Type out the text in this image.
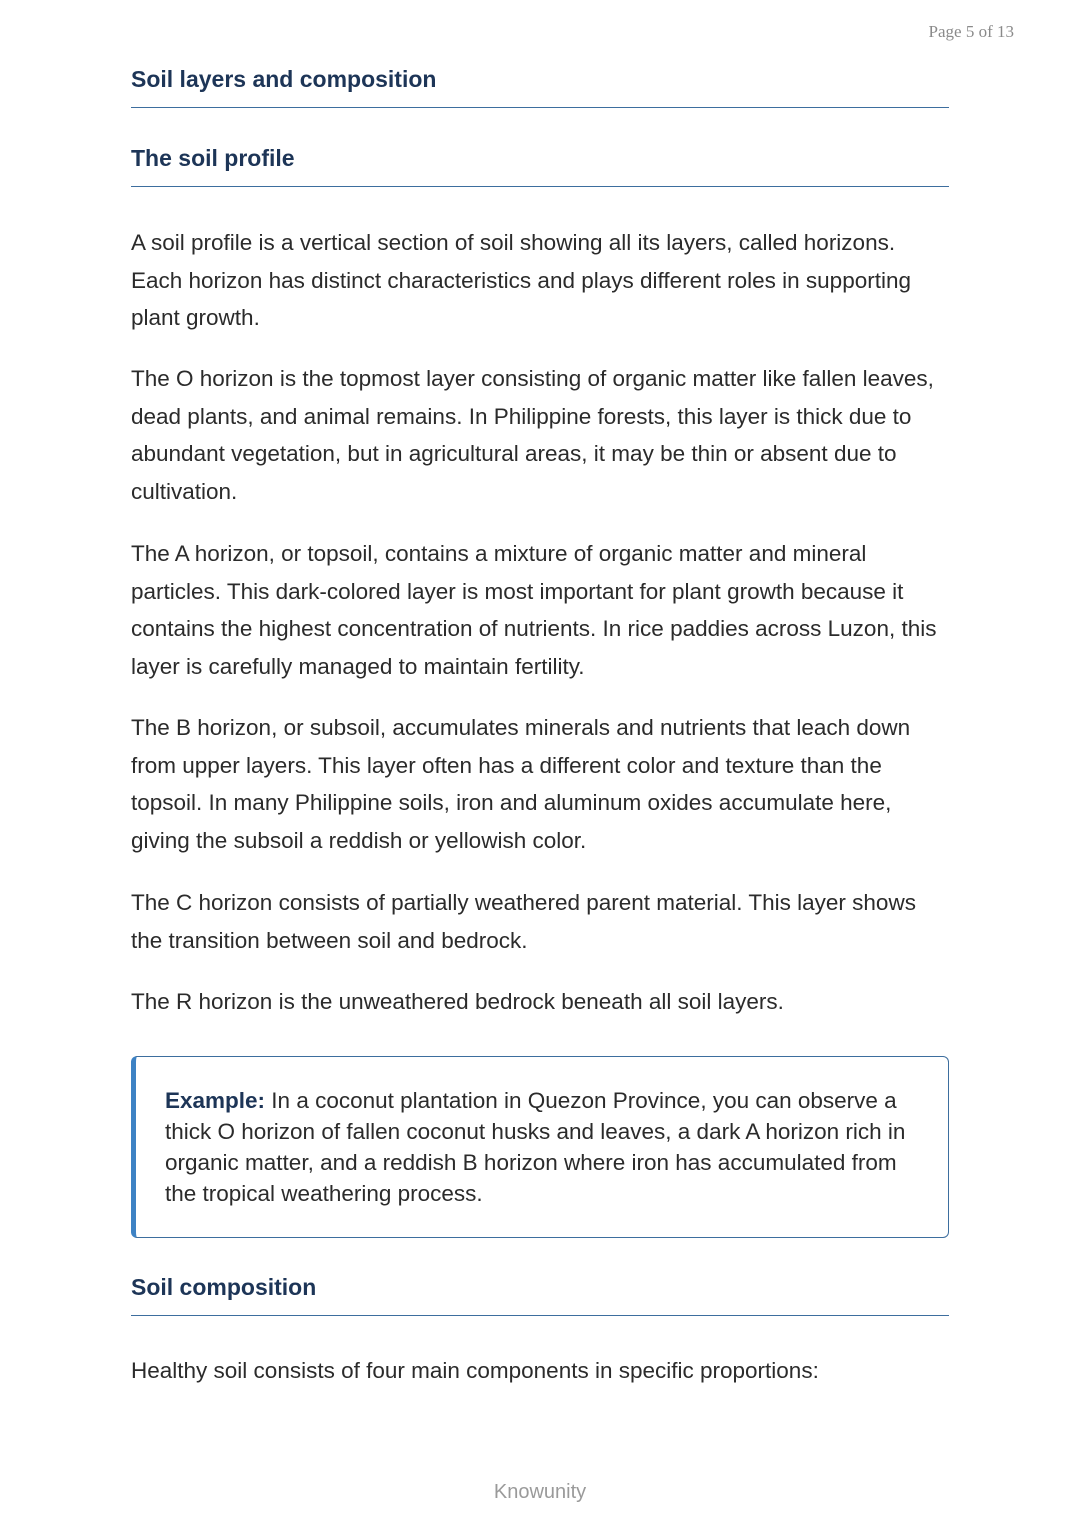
Page 5 of 13
Soil layers and composition
The soil profile

A soil profile is a vertical section of soil showing all its layers, called horizons. Each horizon has distinct characteristics and plays different roles in supporting plant growth.

The O horizon is the topmost layer consisting of organic matter like fallen leaves, dead plants, and animal remains. In Philippine forests, this layer is thick due to abundant vegetation, but in agricultural areas, it may be thin or absent due to cultivation.

The A horizon, or topsoil, contains a mixture of organic matter and mineral particles. This dark-colored layer is most important for plant growth because it contains the highest concentration of nutrients. In rice paddies across Luzon, this layer is carefully managed to maintain fertility.

The B horizon, or subsoil, accumulates minerals and nutrients that leach down from upper layers. This layer often has a different color and texture than the topsoil. In many Philippine soils, iron and aluminum oxides accumulate here, giving the subsoil a reddish or yellowish color.

The C horizon consists of partially weathered parent material. This layer shows the transition between soil and bedrock.

The R horizon is the unweathered bedrock beneath all soil layers.

Example: In a coconut plantation in Quezon Province, you can observe a thick O horizon of fallen coconut husks and leaves, a dark A horizon rich in organic matter, and a reddish B horizon where iron has accumulated from the tropical weathering process.

Soil composition

Healthy soil consists of four main components in specific proportions:

Knowunity
